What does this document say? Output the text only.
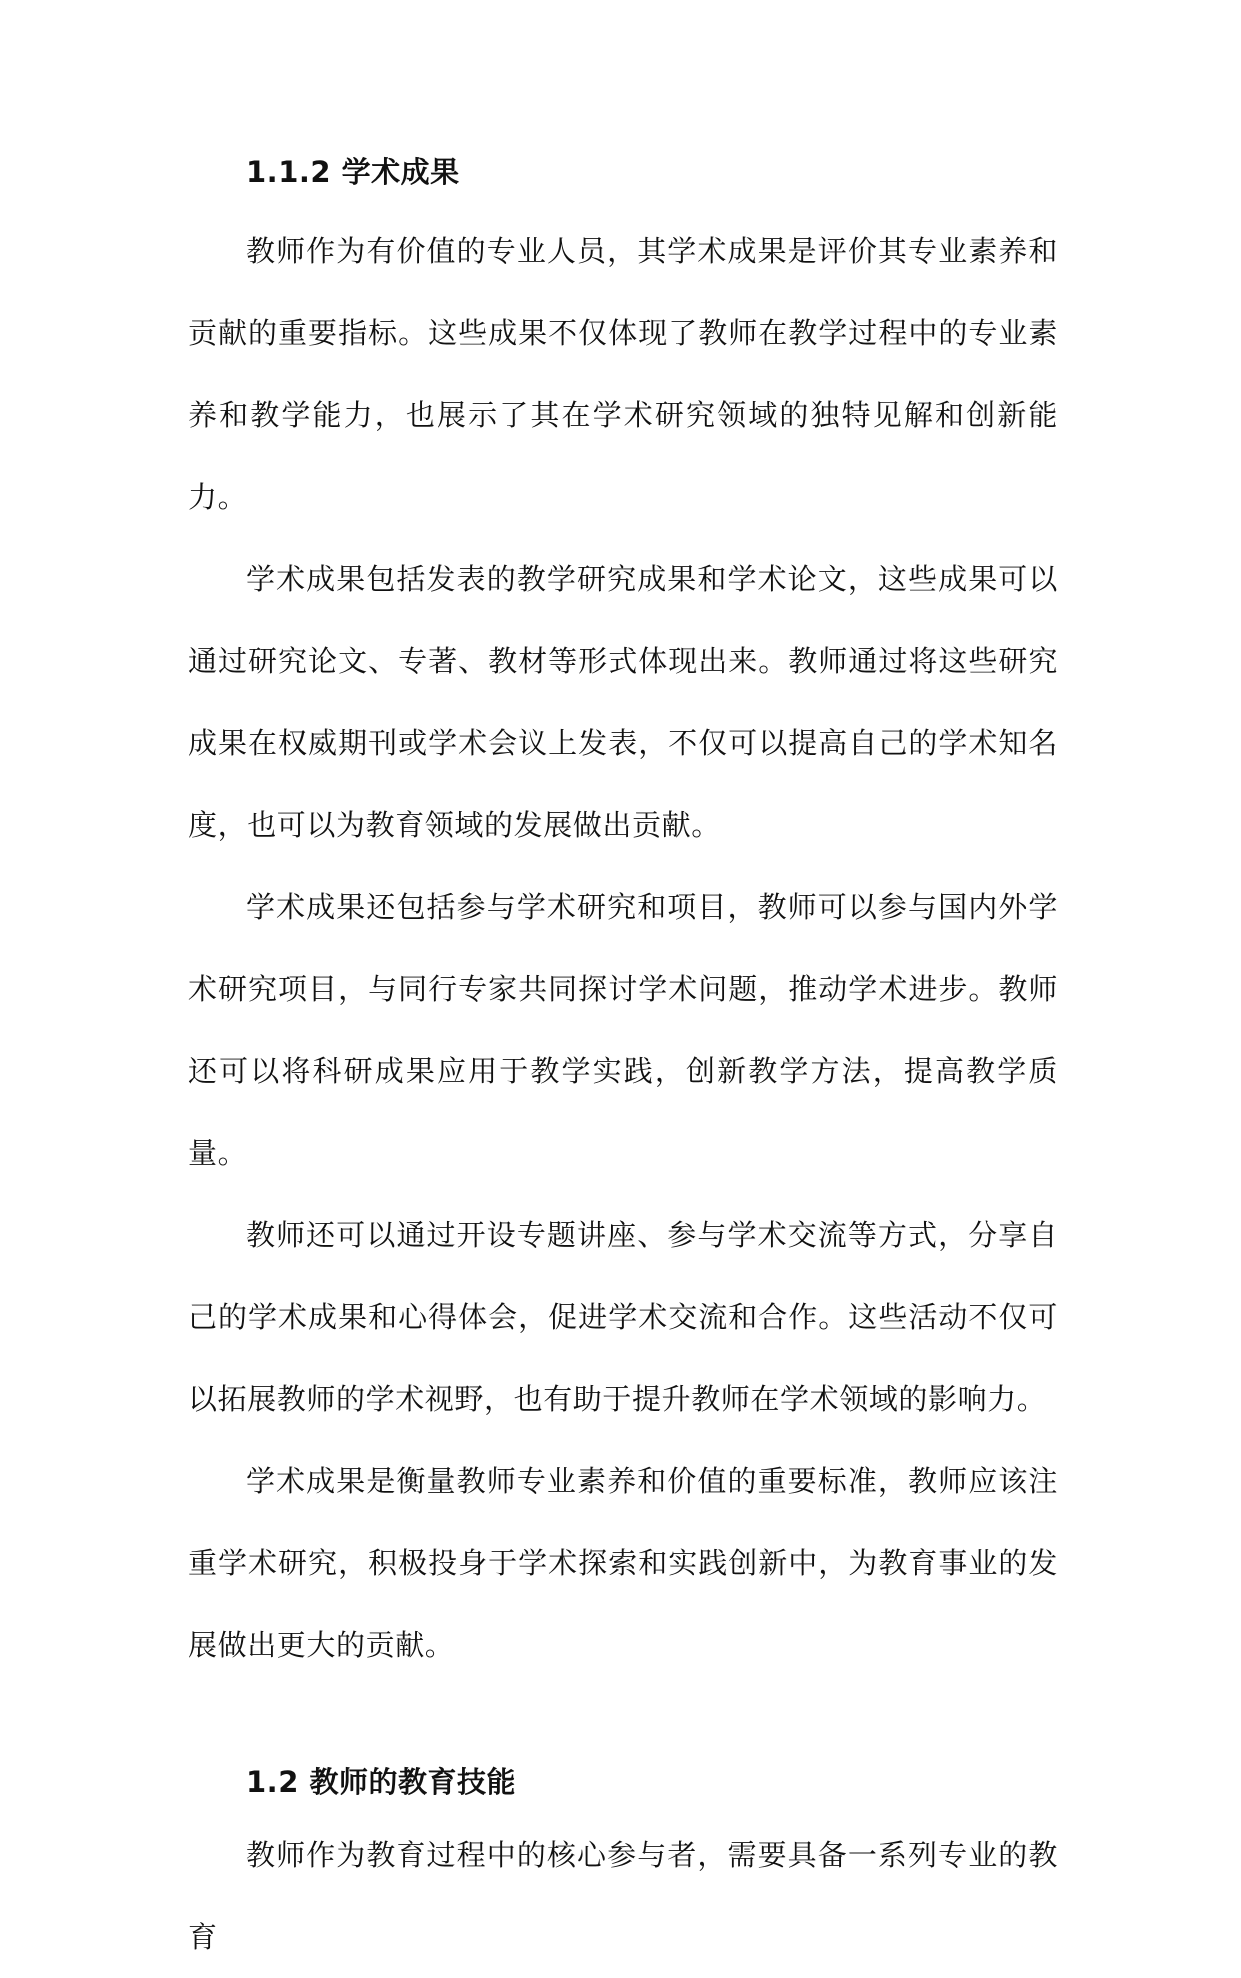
1.1.2 学术成果

教师作为有价值的专业人员，其学术成果是评价其专业素养和贡献的重要指标。这些成果不仅体现了教师在教学过程中的专业素养和教学能力，也展示了其在学术研究领域的独特见解和创新能力。

学术成果包括发表的教学研究成果和学术论文，这些成果可以通过研究论文、专著、教材等形式体现出来。教师通过将这些研究成果在权威期刊或学术会议上发表，不仅可以提高自己的学术知名度，也可以为教育领域的发展做出贡献。

学术成果还包括参与学术研究和项目，教师可以参与国内外学术研究项目，与同行专家共同探讨学术问题，推动学术进步。教师还可以将科研成果应用于教学实践，创新教学方法，提高教学质量。

教师还可以通过开设专题讲座、参与学术交流等方式，分享自己的学术成果和心得体会，促进学术交流和合作。这些活动不仅可以拓展教师的学术视野，也有助于提升教师在学术领域的影响力。

学术成果是衡量教师专业素养和价值的重要标准，教师应该注重学术研究，积极投身于学术探索和实践创新中，为教育事业的发展做出更大的贡献。

1.2 教师的教育技能

教师作为教育过程中的核心参与者，需要具备一系列专业的教育
